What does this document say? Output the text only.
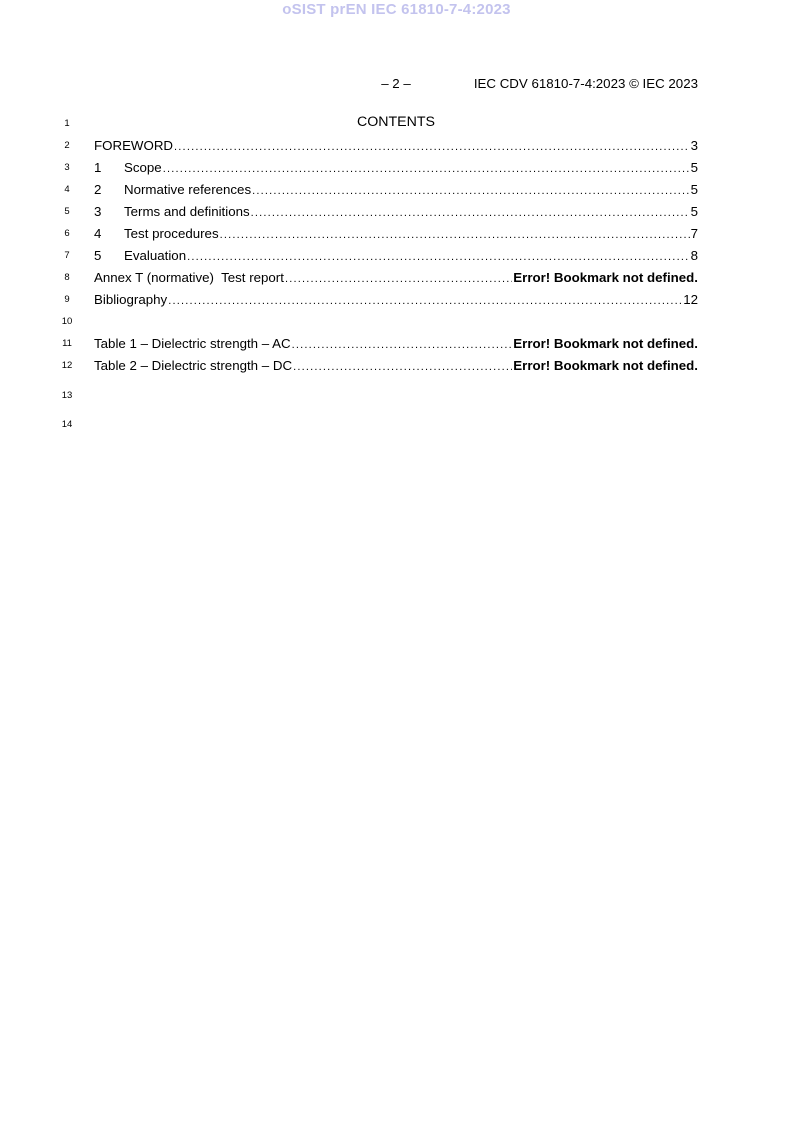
oSIST prEN IEC 61810-7-4:2023
– 2 –	IEC CDV 61810-7-4:2023 © IEC 2023
1
2
3
4
5
6
7
8
9
10
11
12
13
14
CONTENTS
FOREWORD .....	3
1	Scope .....	5
2	Normative references .....	5
3	Terms and definitions .....	5
4	Test procedures .....	7
5	Evaluation .....	8
Annex T (normative)  Test report .....	Error! Bookmark not defined.
Bibliography .....	12
Table 1 – Dielectric strength – AC .....	Error! Bookmark not defined.
Table 2 – Dielectric strength – DC .....	Error! Bookmark not defined.
